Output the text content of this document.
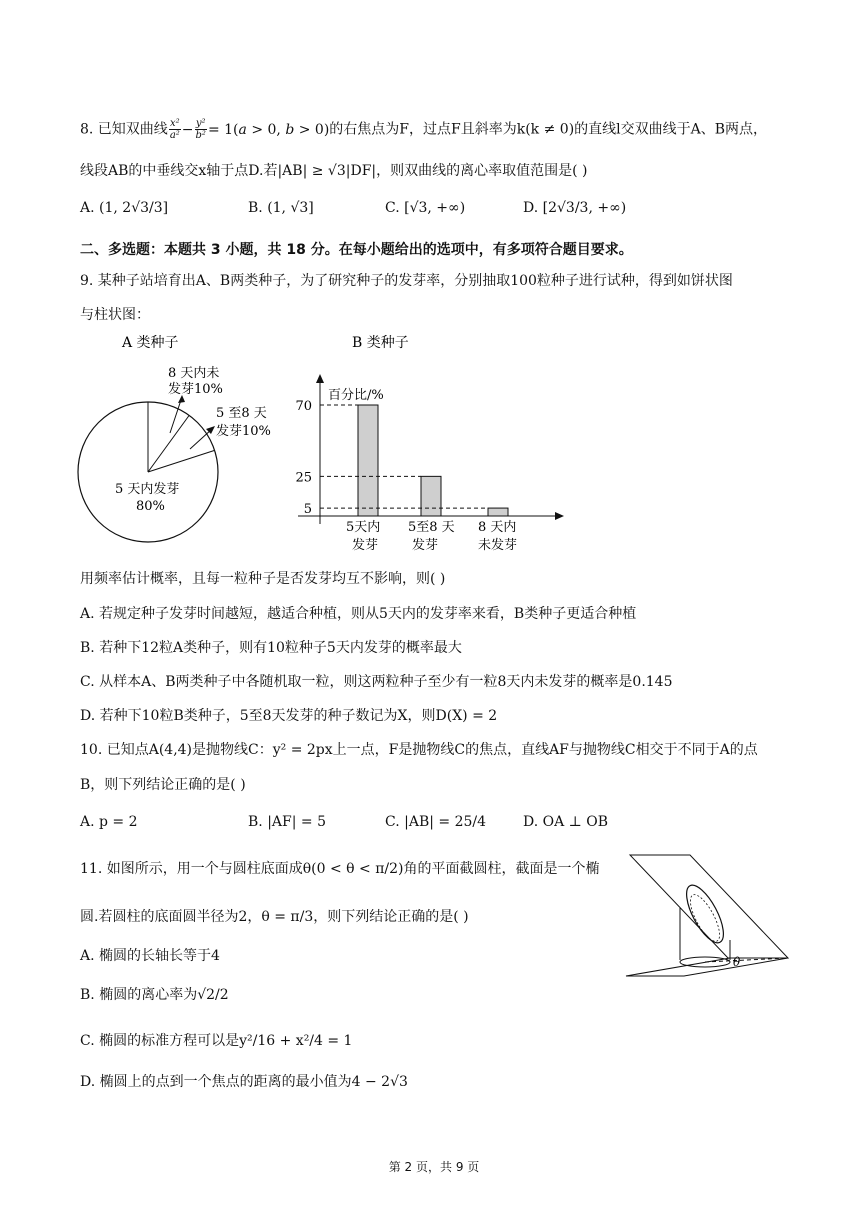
8. 已知双曲线 $\frac{\text{x²}}{\text{a²}} - \frac{\text{y²}}{\text{b²}} = 1(a > 0$, b > 0)的右焦点为F，过点F且斜率为k(k ≠ 0)的直线l交双曲线于A、B两点，
线段AB的中垂线交x轴于点D.若|AB| ≥ √3|DF|，则双曲线的离心率取值范围是( )
A. (1, 2√3/3]	B. (1, √3]	C. [√3, +∞)	D. [2√3/3, +∞)
二、多选题：本题共 3 小题，共 18 分。在每小题给出的选项中，有多项符合题目要求。
9. 某种子站培育出A、B两类种子，为了研究种子的发芽率，分别抽取100粒种子进行试种，得到如饼状图
与柱状图：
A 类种子	B 类种子
8 天内未
发芽10%
5 至8 天
发芽10%
5 天内发芽
80%
70
25
5
百分比/%
5天内
发芽
5至8 天
发芽
8 天内
未发芽
用频率估计概率，且每一粒种子是否发芽均互不影响，则( )
A. 若规定种子发芽时间越短，越适合种植，则从5天内的发芽率来看，B类种子更适合种植
B. 若种下12粒A类种子，则有10粒种子5天内发芽的概率最大
C. 从样本A、B两类种子中各随机取一粒，则这两粒种子至少有一粒8天内未发芽的概率是0.145
D. 若种下10粒B类种子，5至8天发芽的种子数记为X，则D(X) = 2
10. 已知点A(4,4)是抛物线C：y² = 2px上一点，F是抛物线C的焦点，直线AF与抛物线C相交于不同于A的点
B，则下列结论正确的是( )
A. p = 2	B. |AF| = 5	C. |AB| = 25/4	D. OA ⊥ OB
11. 如图所示，用一个与圆柱底面成θ(0 < θ < π/2)角的平面截圆柱，截面是一个椭
圆.若圆柱的底面圆半径为2，θ = π/3，则下列结论正确的是( )
A. 椭圆的长轴长等于4
B. 椭圆的离心率为√2/2
C. 椭圆的标准方程可以是y²/16 + x²/4 = 1
D. 椭圆上的点到一个焦点的距离的最小值为4 − 2√3
θ
第 2 页，共 9 页
